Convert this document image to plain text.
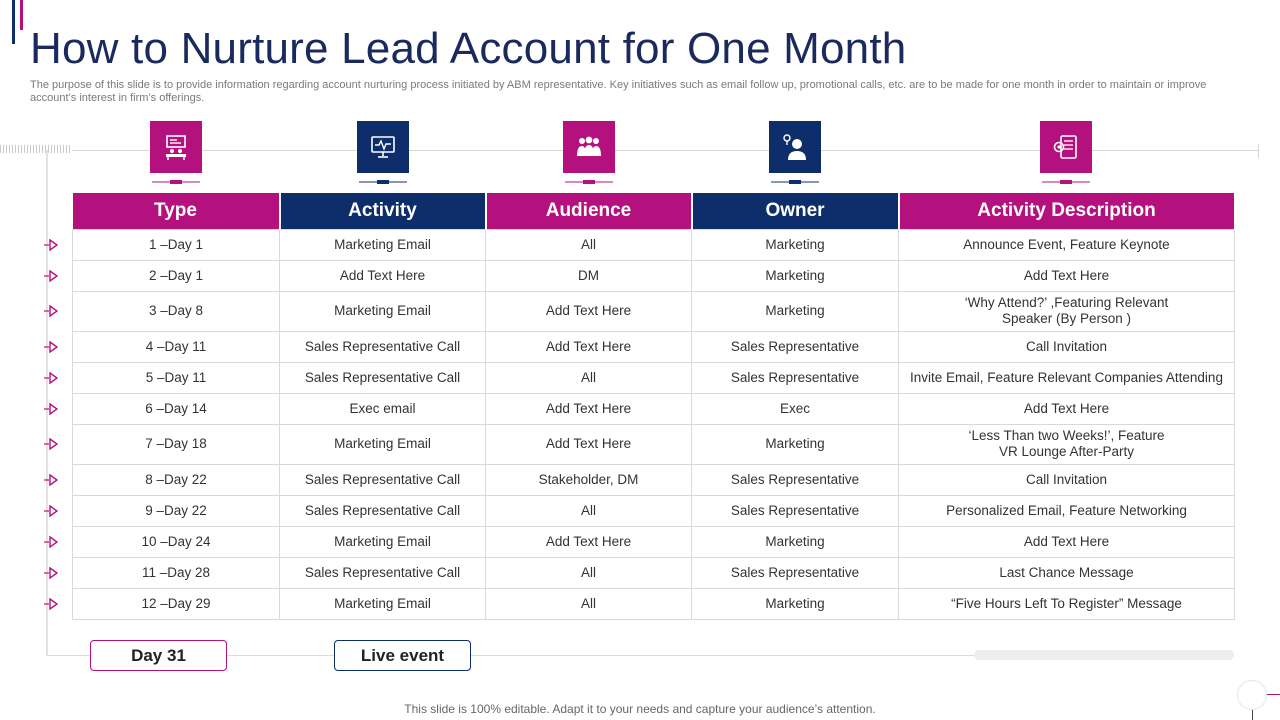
How to Nurture Lead Account for One Month

The purpose of this slide is to provide information regarding account nurturing process initiated by ABM representative. Key initiatives such as email follow up, promotional calls, etc. are to be made for one month in order to maintain or improve account’s interest in firm’s offerings.

Type	Activity	Audience	Owner	Activity Description
1 –Day 1	Marketing Email	All	Marketing	Announce Event, Feature Keynote
2 –Day 1	Add Text Here	DM	Marketing	Add Text Here
3 –Day 8	Marketing Email	Add Text Here	Marketing	‘Why Attend?’ ,Featuring Relevant
Speaker (By Person )
4 –Day 11	Sales Representative Call	Add Text Here	Sales Representative	Call Invitation
5 –Day 11	Sales Representative Call	All	Sales Representative	Invite Email, Feature Relevant Companies Attending
6 –Day 14	Exec email	Add Text Here	Exec	Add Text Here
7 –Day 18	Marketing Email	Add Text Here	Marketing	‘Less Than two Weeks!’, Feature
VR Lounge After-Party
8 –Day 22	Sales Representative Call	Stakeholder, DM	Sales Representative	Call Invitation
9 –Day 22	Sales Representative Call	All	Sales Representative	Personalized Email, Feature Networking
10 –Day 24	Marketing Email	Add Text Here	Marketing	Add Text Here
11 –Day 28	Sales Representative Call	All	Sales Representative	Last Chance Message
12 –Day 29	Marketing Email	All	Marketing	“Five Hours Left To Register” Message
Day 31	Live event
This slide is 100% editable. Adapt it to your needs and capture your audience’s attention.
